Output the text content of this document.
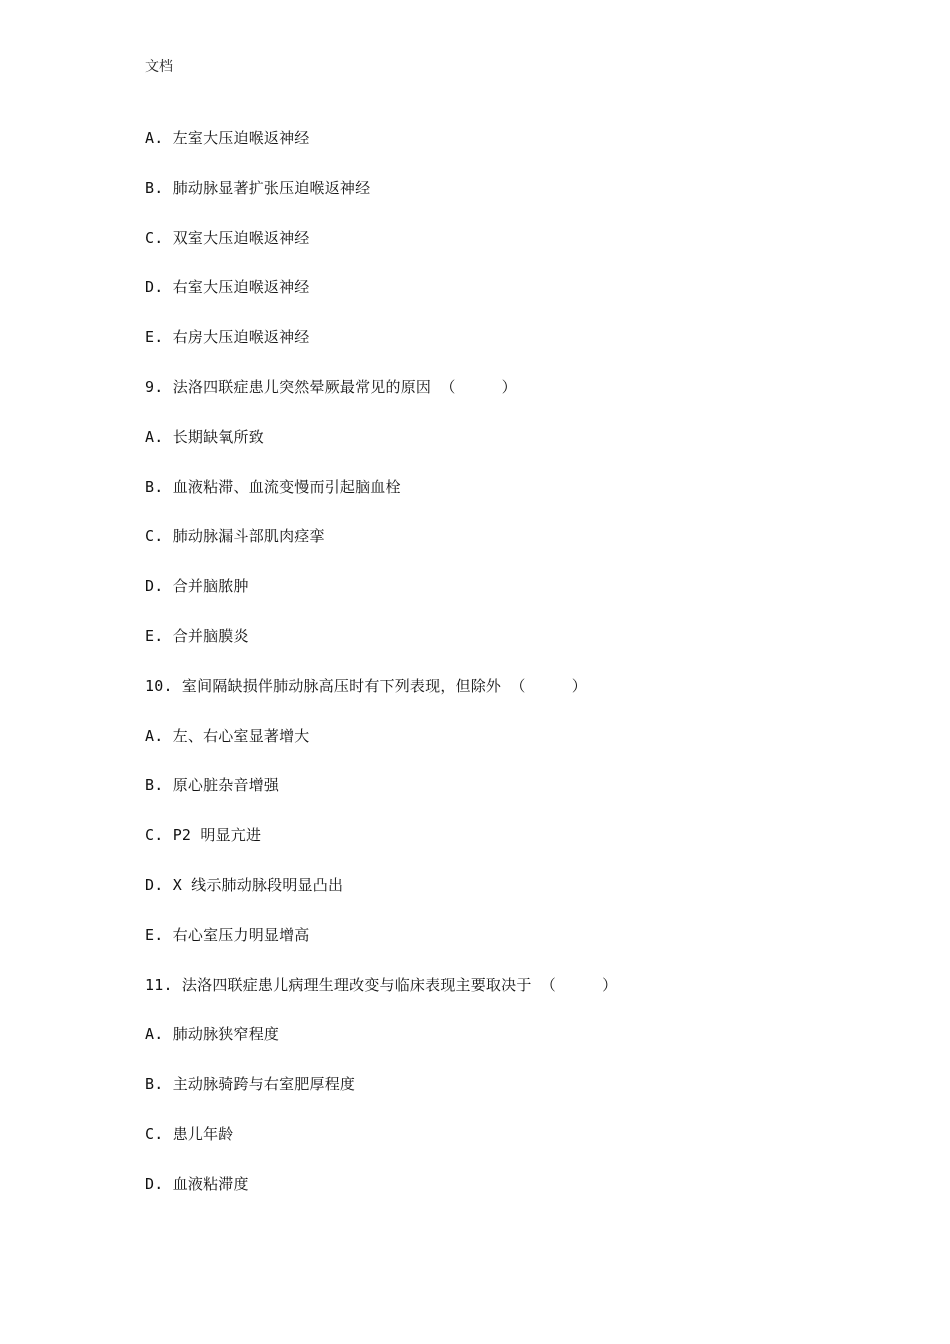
文档
A. 左室大压迫喉返神经
B. 肺动脉显著扩张压迫喉返神经
C. 双室大压迫喉返神经
D. 右室大压迫喉返神经
E. 右房大压迫喉返神经
9. 法洛四联症患儿突然晕厥最常见的原因 （     ）
A. 长期缺氧所致
B. 血液粘滞、血流变慢而引起脑血栓
C. 肺动脉漏斗部肌肉痉挛
D. 合并脑脓肿
E. 合并脑膜炎
10. 室间隔缺损伴肺动脉高压时有下列表现，但除外 （     ）
A. 左、右心室显著增大
B. 原心脏杂音增强
C. P2 明显亢进
D. X 线示肺动脉段明显凸出
E. 右心室压力明显增高
11. 法洛四联症患儿病理生理改变与临床表现主要取决于 （     ）
A. 肺动脉狭窄程度
B. 主动脉骑跨与右室肥厚程度
C. 患儿年龄
D. 血液粘滞度
